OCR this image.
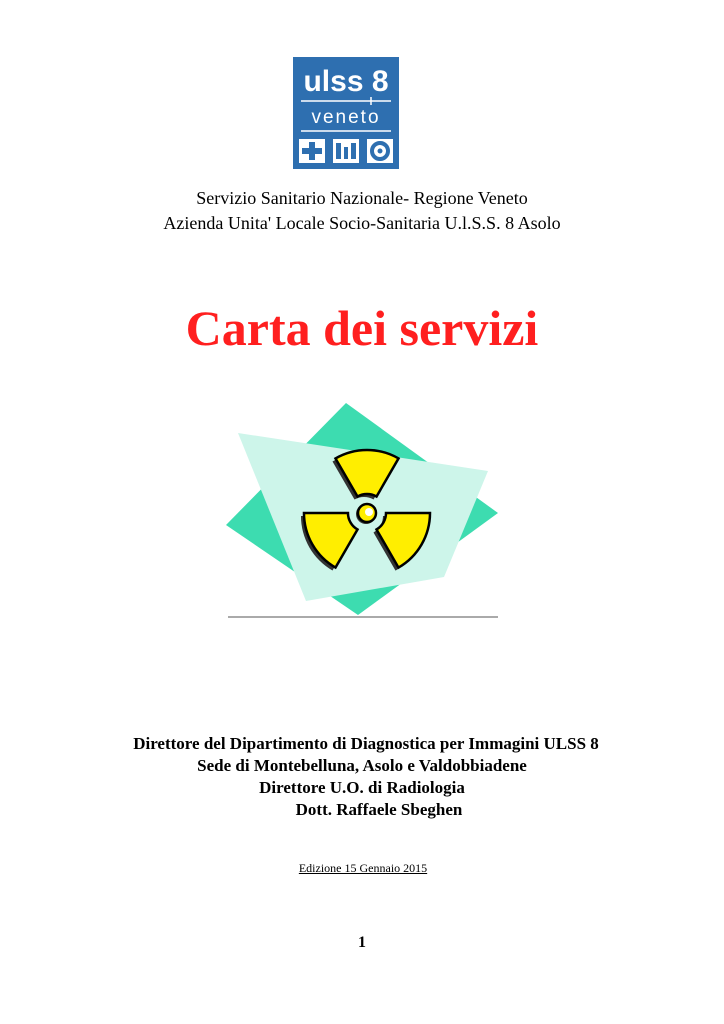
ulss 8
veneto
Servizio Sanitario Nazionale- Regione Veneto
Azienda Unita' Locale Socio-Sanitaria U.l.S.S. 8 Asolo
Carta dei servizi
Direttore del Dipartimento di Diagnostica per Immagini ULSS 8
Sede di Montebelluna, Asolo e Valdobbiadene
Direttore U.O. di Radiologia
Dott. Raffaele Sbeghen
Edizione 15 Gennaio 2015
1
